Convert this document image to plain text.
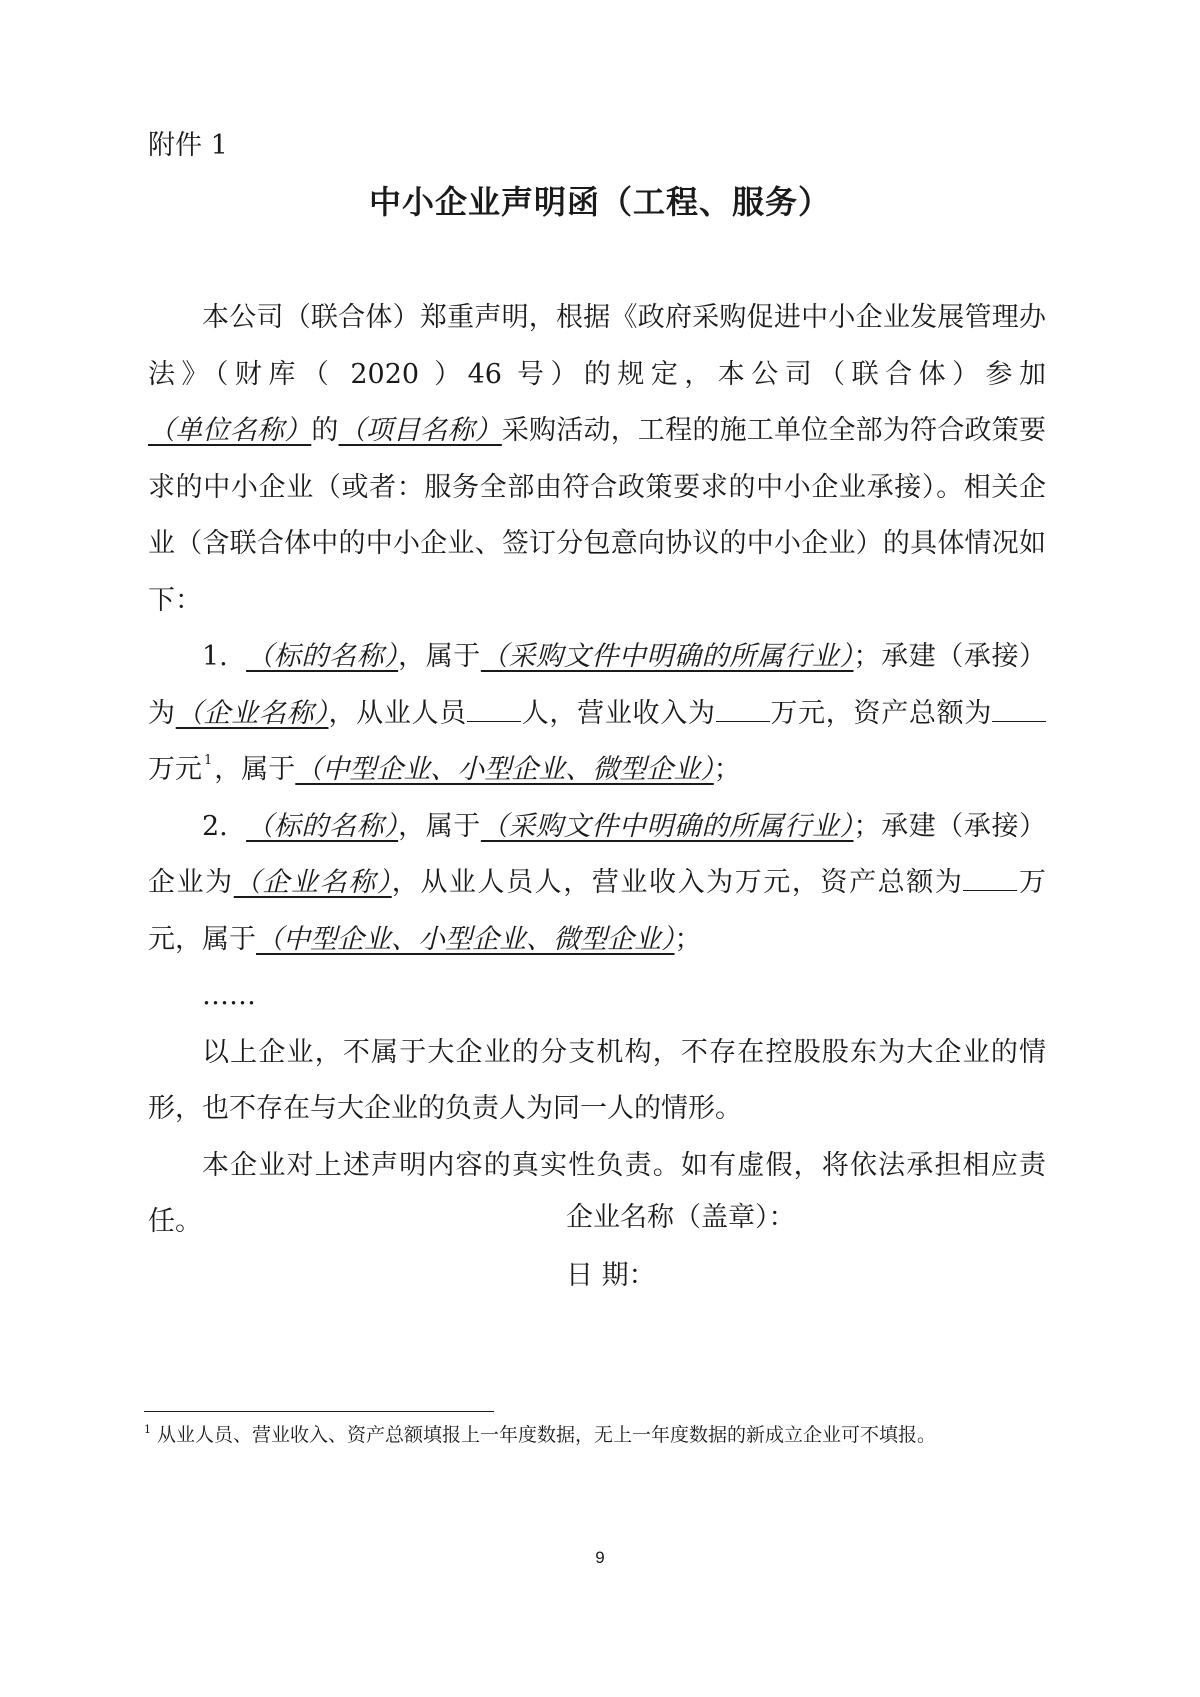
附件 1
中小企业声明函（工程、服务）

本公司（联合体）郑重声明，根据《政府采购促进中小企业发展管理办法》（财库（ 2020 ）46 号）的规定，本公司（联合体）参加（单位名称）的（项目名称）采购活动，工程的施工单位全部为符合政策要求的中小企业（或者：服务全部由符合政策要求的中小企业承接）。相关企业（含联合体中的中小企业、签订分包意向协议的中小企业）的具体情况如下：

1. （标的名称），属于（采购文件中明确的所属行业）；承建（承接）为（企业名称），从业人员 人，营业收入为 万元，资产总额为万元 $^1$，属于（中型企业、小型企业、微型企业）；

2. （标的名称），属于（采购文件中明确的所属行业）；承建（承接）企业为（企业名称），从业人员人，营业收入为万元，资产总额为 万元，属于（中型企业、小型企业、微型企业）；

……

以上企业，不属于大企业的分支机构，不存在控股股东为大企业的情形，也不存在与大企业的负责人为同一人的情形。

本企业对上述声明内容的真实性负责。如有虚假，将依法承担相应责任。	企业名称（盖章）：
日 期：
$^1$ 从业人员、营业收入、资产总额填报上一年度数据，无上一年度数据的新成立企业可不填报。
9
